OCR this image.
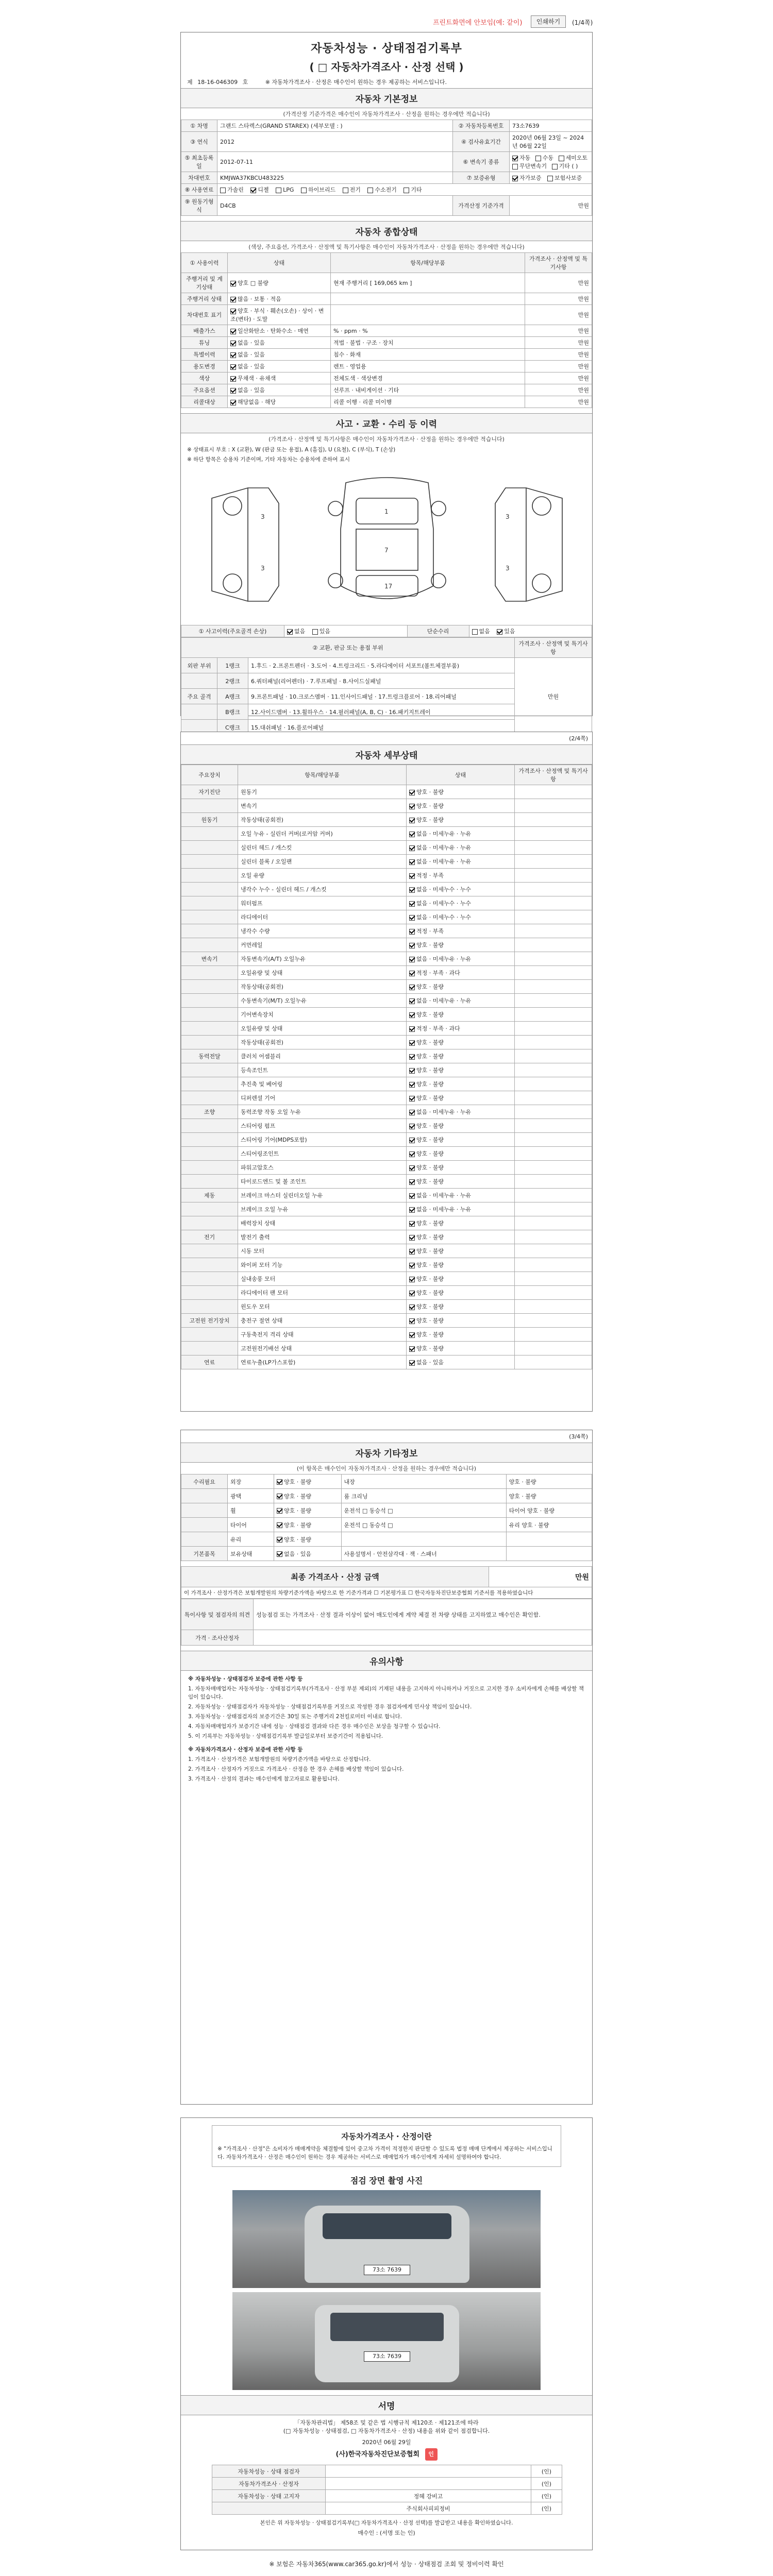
프린트화면에 안보임(예: 같이)	인쇄하기	(1/4쪽)
자동차성능 · 상태점검기록부
( □ 자동차가격조사 · 산정 선택 )
제 18-16-046309 호	※ 자동차가격조사 · 산정은 매수인이 원하는 경우 제공하는 서비스입니다.
자동차 기본정보
(가격산정 기준가격은 매수인이 자동차가격조사 · 산정을 원하는 경우에만 적습니다)
① 차명	그랜드 스타렉스(GRAND STAREX) (세부모델 : )	② 자동차등록번호	73소7639
③ 연식	2012	④ 검사유효기간	2020년 06월 23일 ~ 2024년 06월 22일
⑤ 최초등록일	2012-07-11	⑥ 변속기 종류	자동 수동 세미오토
무단변속기 기타 ( )
차대번호	KMJWA37KBCU483225	⑦ 보증유형	자가보증 보험사보증
⑧ 사용연료	가솔린 디젤 LPG 하이브리드 전기 수소전기 기타		
⑨ 원동기형식	D4CB	가격산정 기준가격	만원
자동차 종합상태
(색상, 주요옵션, 가격조사 · 산정액 및 특기사항은 매수인이 자동차가격조사 · 산정을 원하는 경우에만 적습니다)
① 사용이력	상태	항목/해당부품	가격조사 · 산정액 및 특기사항
주행거리 및 계기상태	양호 □ 불량	현재 주행거리 [ 169,065 km ]	만원
주행거리 상태	많음 · 보통 · 적음		만원
차대번호 표기	양호 · 부식 · 훼손(오손) · 상이 · 변조(변타) · 도말		만원
배출가스	일산화탄소 · 탄화수소 · 매연	% · ppm · %	만원
튜닝	없음 · 있음	적법 · 불법 · 구조 · 장치	만원
특별이력	없음 · 있음	침수 · 화재	만원
용도변경	없음 · 있음	렌트 · 영업용	만원
색상	무채색 · 유채색	전체도색 · 색상변경	만원
주요옵션	없음 · 있음	선루프 · 내비게이션 · 기타	만원
리콜대상	해당없음 · 해당	리콜 이행 · 리콜 미이행	만원
사고 · 교환 · 수리 등 이력
(가격조사 · 산정액 및 특기사항은 매수인이 자동차가격조사 · 산정을 원하는 경우에만 적습니다)
※ 상태표시 부호 : X (교환), W (판금 또는 용접), A (흠집), U (요철), C (부식), T (손상)
※ 하단 항목은 승용차 기준이며, 기타 자동차는 승용차에 준하여 표시
3
3
1
7
17
3
3
① 사고이력(주요골격 손상)	없음	있음	단순수리	없음	있음
② 교환, 판금 또는 용접 부위			가격조사 · 산정액 및 특기사항
외판 부위	1랭크	1.후드 · 2.프론트펜더 · 3.도어 · 4.트렁크리드 · 5.라디에이터 서포트(볼트체결부품)	만원
	2랭크	6.쿼터패널(리어펜더) · 7.루프패널 · 8.사이드실패널	
주요 골격	A랭크	9.프론트패널 · 10.크로스멤버 · 11.인사이드패널 · 17.트렁크플로어 · 18.리어패널	
	B랭크	12.사이드멤버 · 13.휠하우스 · 14.필러패널(A, B, C) · 16.패키지트레이	
	C랭크	15.대쉬패널 · 16.플로어패널	
(2/4쪽)
자동차 세부상태
주요장치	항목/해당부품	상태	가격조사 · 산정액 및 특기사항
자기진단	원동기	양호 · 불량	
	변속기	양호 · 불량	
원동기	작동상태(공회전)	양호 · 불량	
	오일 누유 - 실린더 커버(로커암 커버)	없음 · 미세누유 · 누유	
	실린더 헤드 / 개스킷	없음 · 미세누유 · 누유	
	실린더 블록 / 오일팬	없음 · 미세누유 · 누유	
	오일 유량	적정 · 부족	
	냉각수 누수 - 실린더 헤드 / 개스킷	없음 · 미세누수 · 누수	
	워터펌프	없음 · 미세누수 · 누수	
	라디에이터	없음 · 미세누수 · 누수	
	냉각수 수량	적정 · 부족	
	커먼레일	양호 · 불량	
변속기	자동변속기(A/T) 오일누유	없음 · 미세누유 · 누유	
	오일유량 및 상태	적정 · 부족 · 과다	
	작동상태(공회전)	양호 · 불량	
	수동변속기(M/T) 오일누유	없음 · 미세누유 · 누유	
	기어변속장치	양호 · 불량	
	오일유량 및 상태	적정 · 부족 · 과다	
	작동상태(공회전)	양호 · 불량	
동력전달	클러치 어셈블리	양호 · 불량	
	등속조인트	양호 · 불량	
	추진축 및 베어링	양호 · 불량	
	디퍼렌셜 기어	양호 · 불량	
조향	동력조향 작동 오일 누유	없음 · 미세누유 · 누유	
	스티어링 펌프	양호 · 불량	
	스티어링 기어(MDPS포함)	양호 · 불량	
	스티어링조인트	양호 · 불량	
	파워고압호스	양호 · 불량	
	타이로드엔드 및 볼 조인트	양호 · 불량	
제동	브레이크 마스터 실린더오일 누유	없음 · 미세누유 · 누유	
	브레이크 오일 누유	없음 · 미세누유 · 누유	
	배력장치 상태	양호 · 불량	
전기	발전기 출력	양호 · 불량	
	시동 모터	양호 · 불량	
	와이퍼 모터 기능	양호 · 불량	
	실내송풍 모터	양호 · 불량	
	라디에이터 팬 모터	양호 · 불량	
	윈도우 모터	양호 · 불량	
고전원 전기장치	충전구 절연 상태	양호 · 불량	
	구동축전지 격리 상태	양호 · 불량	
	고전원전기배선 상태	양호 · 불량	
연료	연료누출(LP가스포함)	없음 · 있음	
(3/4쪽)
자동차 기타정보
(이 항목은 매수인이 자동차가격조사 · 산정을 원하는 경우에만 적습니다)
수리필요	외장	양호 · 불량	내장	양호 · 불량
	광택	양호 · 불량	룸 크리닝	양호 · 불량
	휠	양호 · 불량	운전석 □ 동승석 □	타이어 양호 · 불량
	타이어	양호 · 불량	운전석 □ 동승석 □	유리 양호 · 불량
	유리	양호 · 불량		
기본품목	보유상태	없음 · 있음	사용설명서 · 안전삼각대 · 잭 · 스패너	
최종 가격조사 · 산정 금액	만원
이 가격조사 · 산정가격은 보험개발원의 차량기준가액을 바탕으로 한 기준가격과 ☐ 기본평가표 ☐ 한국자동차진단보증협회 기준서를 적용하였습니다
특이사항 및 점검자의 의견	성능점검 또는 가격조사 · 산정 결과 이상이 없어 매도인에게 계약 체결 전 차량 상태를 고지하였고 매수인은 확인함.
가격 · 조사산정자	
유의사항

※ 자동차성능 · 상태점검자 보증에 관한 사항 등

1. 자동차매매업자는 자동차성능 · 상태점검기록부(가격조사 · 산정 부분 제외)의 기재된 내용을 고지하지 아니하거나 거짓으로 고지한 경우 소비자에게 손해를 배상할 책임이 있습니다.

2. 자동차성능 · 상태점검자가 자동차성능 · 상태점검기록부를 거짓으로 작성한 경우 점검자에게 민사상 책임이 있습니다.

3. 자동차성능 · 상태점검자의 보증기간은 30일 또는 주행거리 2천킬로미터 이내로 합니다.

4. 자동차매매업자가 보증기간 내에 성능 · 상태점검 결과와 다른 경우 매수인은 보상을 청구할 수 있습니다.

5. 이 기록부는 자동차성능 · 상태점검기록부 발급일로부터 보증기간이 적용됩니다.

※ 자동차가격조사 · 산정자 보증에 관한 사항 등

1. 가격조사 · 산정가격은 보험개발원의 차량기준가액을 바탕으로 산정합니다.

2. 가격조사 · 산정자가 거짓으로 가격조사 · 산정을 한 경우 손해를 배상할 책임이 있습니다.

3. 가격조사 · 산정의 결과는 매수인에게 참고자료로 활용됩니다.

자동차가격조사 · 산정이란
※ "가격조사 · 산정"은 소비자가 매매계약을 체결함에 있어 중고차 가격이 적정한지 판단할 수 있도록 법정 매매 단계에서 제공하는 서비스입니다. 자동차가격조사 · 산정은 매수인이 원하는 경우 제공하는 서비스로 매매업자가 매수인에게 자세히 설명하여야 합니다.
점검 장면 촬영 사진
73소 7639
73소 7639
서명
「자동차관리법」 제58조 및 같은 법 시행규칙 제120조 · 제121조에 따라
(□ 자동차성능 · 상태점검, □ 자동차가격조사 · 산정) 내용을 위와 같이 점검합니다.
2020년 06월 29일
(사)한국자동차진단보증협회 인
자동차성능 · 상태 점검자		(인)
자동차가격조사 · 산정자		(인)
자동차성능 · 상태 고지자	정혜 강비고	(인)
	주식회사피피정비	(인)
본인은 위 자동차성능 · 상태점검기록부(□ 자동차가격조사 · 산정 선택)를 발급받고 내용을 확인하였습니다.
매수인 : (서명 또는 인)
※ 보험은 자동차365(www.car365.go.kr)에서 성능 · 상태점검 조회 및 정비이력 확인
